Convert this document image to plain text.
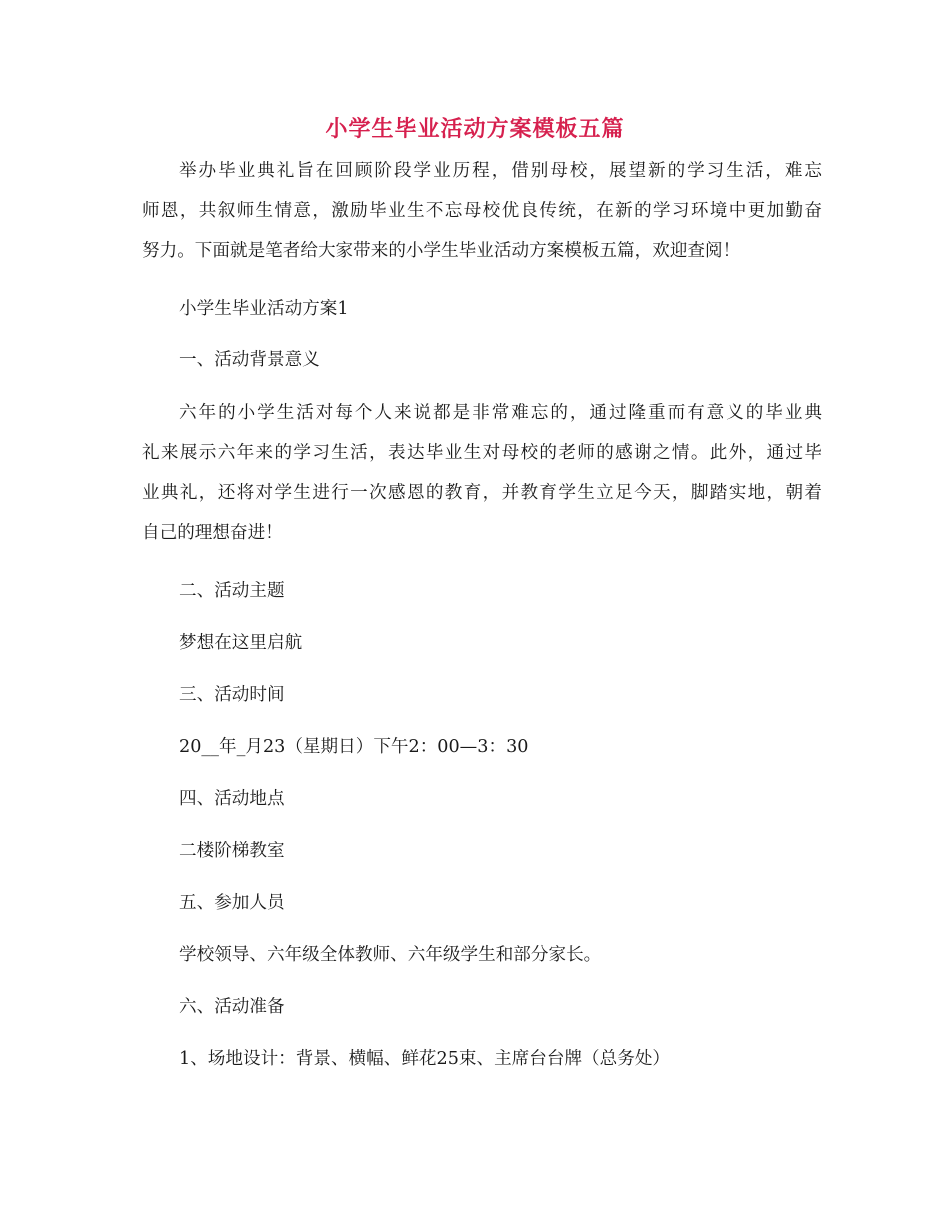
小学生毕业活动方案模板五篇
举办毕业典礼旨在回顾阶段学业历程，借别母校，展望新的学习生活，难忘
师恩，共叙师生情意，激励毕业生不忘母校优良传统，在新的学习环境中更加勤奋
努力。下面就是笔者给大家带来的小学生毕业活动方案模板五篇，欢迎查阅！
小学生毕业活动方案1
一、活动背景意义
六年的小学生活对每个人来说都是非常难忘的，通过隆重而有意义的毕业典
礼来展示六年来的学习生活，表达毕业生对母校的老师的感谢之情。此外，通过毕
业典礼，还将对学生进行一次感恩的教育，并教育学生立足今天，脚踏实地，朝着
自己的理想奋进！
二、活动主题
梦想在这里启航
三、活动时间
20__年_月23（星期日）下午2：00—3：30
四、活动地点
二楼阶梯教室
五、参加人员
学校领导、六年级全体教师、六年级学生和部分家长。
六、活动准备
1、场地设计：背景、横幅、鲜花25束、主席台台牌（总务处）
